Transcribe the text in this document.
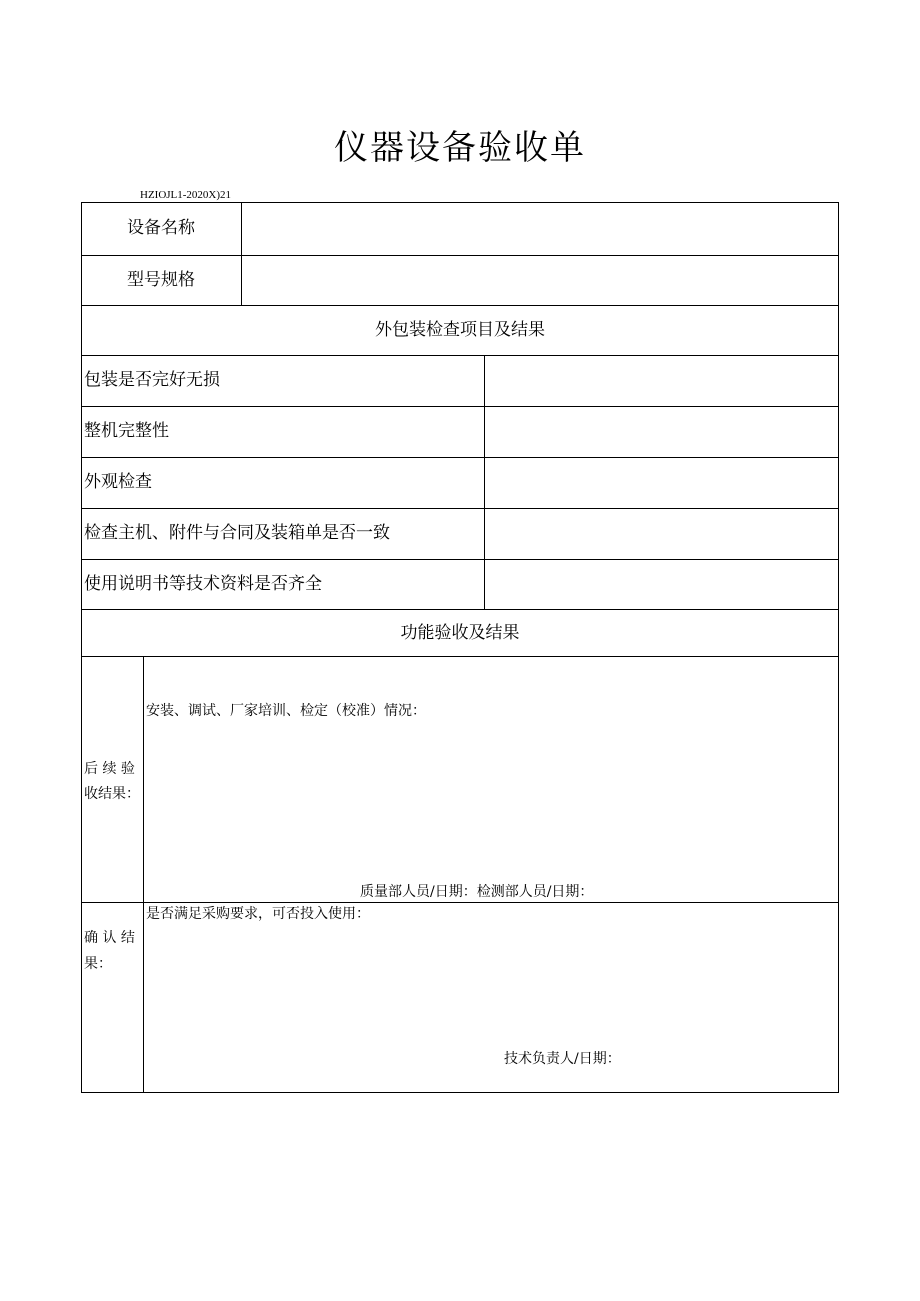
仪器设备验收单
HZIOJL1-2020X)21
设备名称
型号规格
外包装检查项目及结果
包装是否完好无损
整机完整性
外观检查
检查主机、附件与合同及装箱单是否一致
使用说明书等技术资料是否齐全
功能验收及结果
后 续 验
收结果：
安装、调试、厂家培训、检定（校准）情况：
质量部人员/日期：检测部人员/日期：
确 认 结
果：
是否满足采购要求，可否投入使用：
技术负责人/日期：
